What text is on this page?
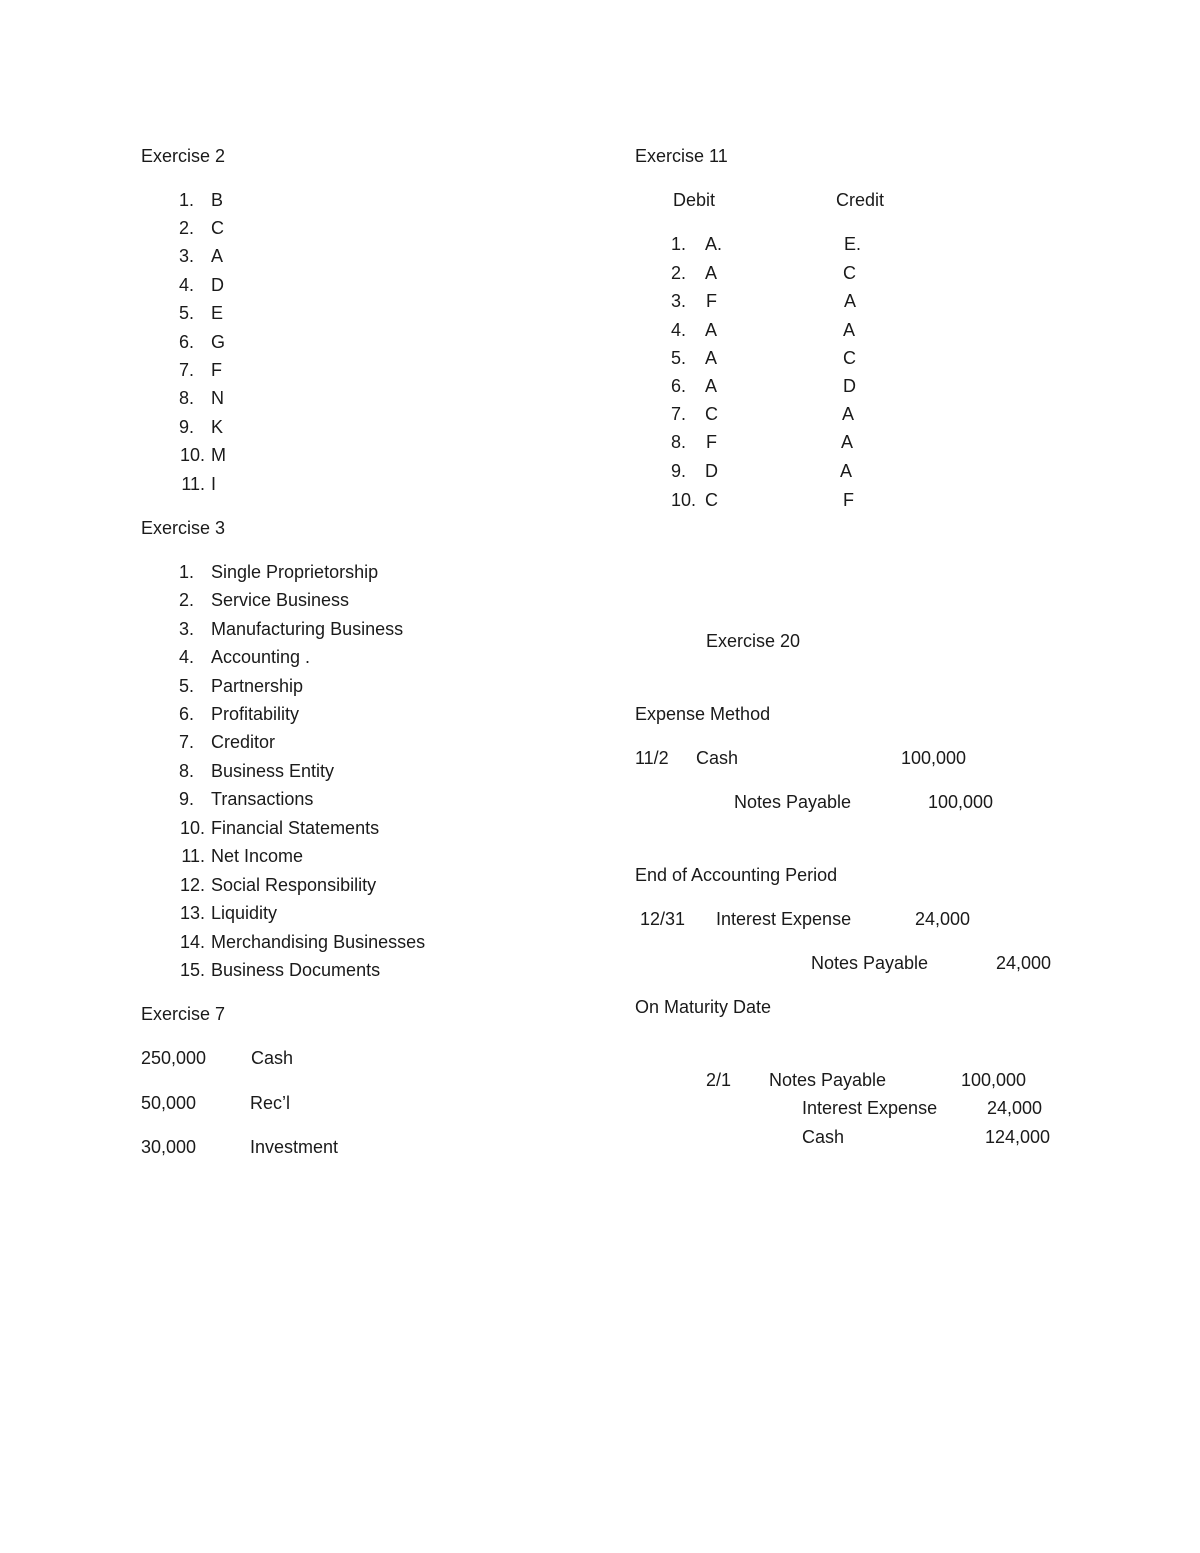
Exercise 2
1. B
2. C
3. A
4. D
5. E
6. G
7. F
8. N
9. K
10. M
11. I
Exercise 3
1. Single Proprietorship
2. Service Business
3. Manufacturing Business
4. Accounting .
5. Partnership
6. Profitability
7. Creditor
8. Business Entity
9. Transactions
10. Financial Statements
11. Net Income
12. Social Responsibility
13. Liquidity
14. Merchandising Businesses
15. Business Documents
Exercise 7
250,000 Cash
50,000	Rec’l
30,000	Investment
Exercise 11
Debit	Credit
1. A.	E.
2. A	C
3. F	A
4. A	A
5. A	C
6. A	D
7. C	A
8. F	A
9. D	A
10. C	F
Exercise 20
Expense Method
11/2 Cash	100,000
Notes Payable	100,000
End of Accounting Period
12/31 Interest Expense	24,000
Notes Payable	24,000
On Maturity Date
2/1 Notes Payable	100,000
Interest Expense	24,000
Cash	124,000
